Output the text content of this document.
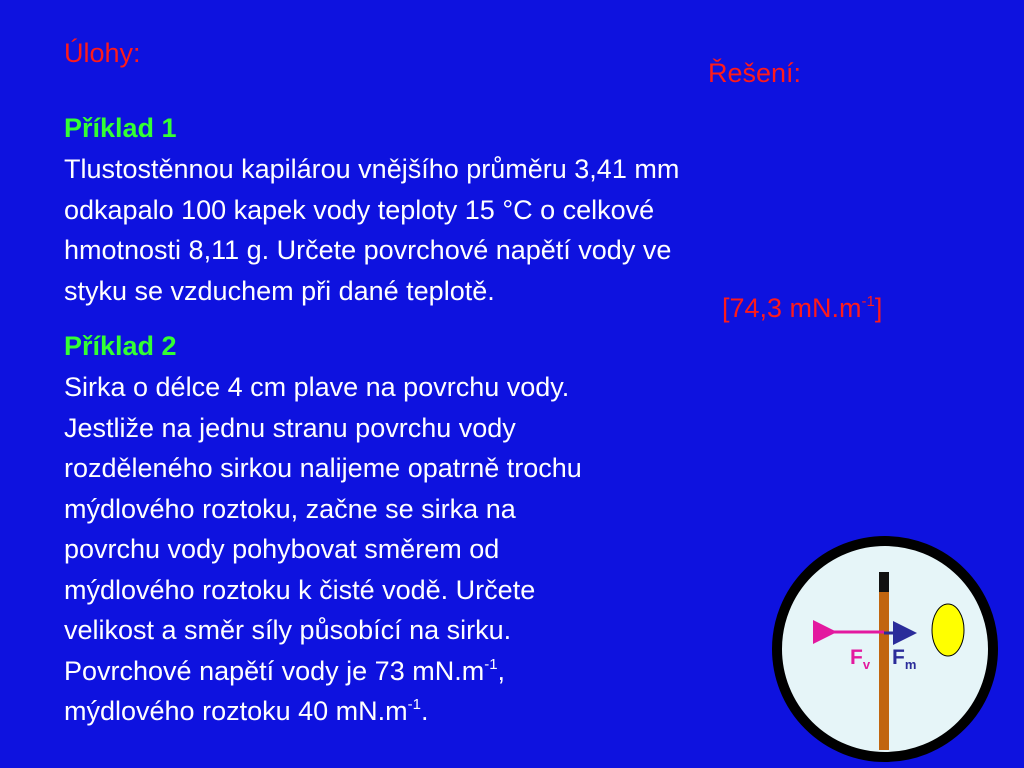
Úlohy:
Řešení:
Příklad 1
Tlustostěnnou kapilárou vnějšího průměru 3,41 mm
odkapalo 100 kapek vody teploty 15 °C o celkové
hmotnosti 8,11 g. Určete povrchové napětí vody ve
styku se vzduchem při dané teplotě.
[74,3 $mN.m^{-1}$]
Příklad 2
Sirka o délce 4 cm plave na povrchu vody.
Jestliže na jednu stranu povrchu vody
rozděleného sirkou nalijeme opatrně trochu
mýdlového roztoku, začne se sirka na
povrchu vody pohybovat směrem od
mýdlového roztoku k čisté vodě. Určete
velikost a směr síly působící na sirku.
Povrchové napětí vody je 73 $mN.m^{-1}$,
mýdlového roztoku 40 $mN.m^{-1}$.
$F_v$ $F_m$
